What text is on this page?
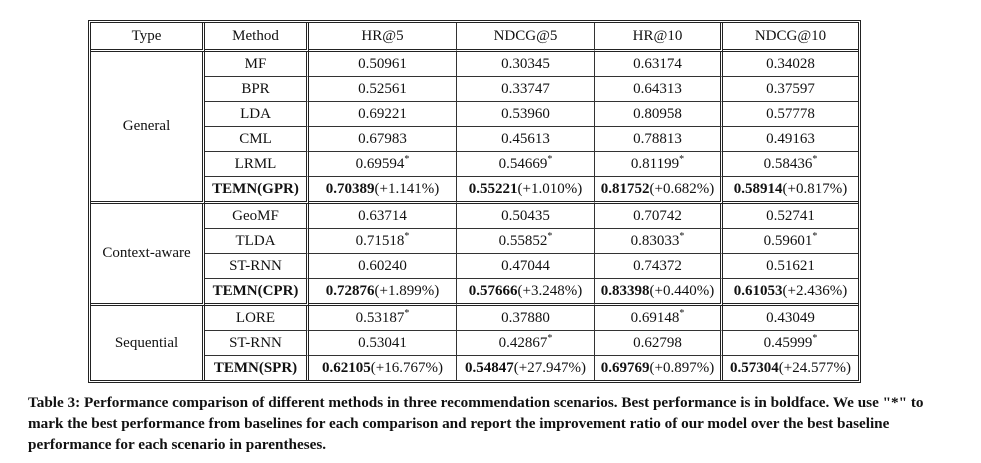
Type	Method	HR@5	NDCG@5	HR@10	NDCG@10
General	MF	0.50961	0.30345	0.63174	0.34028
	BPR	0.52561	0.33747	0.64313	0.37597
	LDA	0.69221	0.53960	0.80958	0.57778
	CML	0.67983	0.45613	0.78813	0.49163
	LRML	0.69594*	0.54669*	0.81199*	0.58436*
	TEMN(GPR)	0.70389(+1.141%)	0.55221(+1.010%)	0.81752(+0.682%)	0.58914(+0.817%)
Context-aware	GeoMF	0.63714	0.50435	0.70742	0.52741
	TLDA	0.71518*	0.55852*	0.83033*	0.59601*
	ST-RNN	0.60240	0.47044	0.74372	0.51621
	TEMN(CPR)	0.72876(+1.899%)	0.57666(+3.248%)	0.83398(+0.440%)	0.61053(+2.436%)
Sequential	LORE	0.53187*	0.37880	0.69148*	0.43049
	ST-RNN	0.53041	0.42867*	0.62798	0.45999*
	TEMN(SPR)	0.62105(+16.767%)	0.54847(+27.947%)	0.69769(+0.897%)	0.57304(+24.577%)
Table 3: Performance comparison of different methods in three recommendation scenarios. Best performance is in boldface. We use "*" to mark the best performance from baselines for each comparison and report the improvement ratio of our model over the best baseline performance for each scenario in parentheses.
